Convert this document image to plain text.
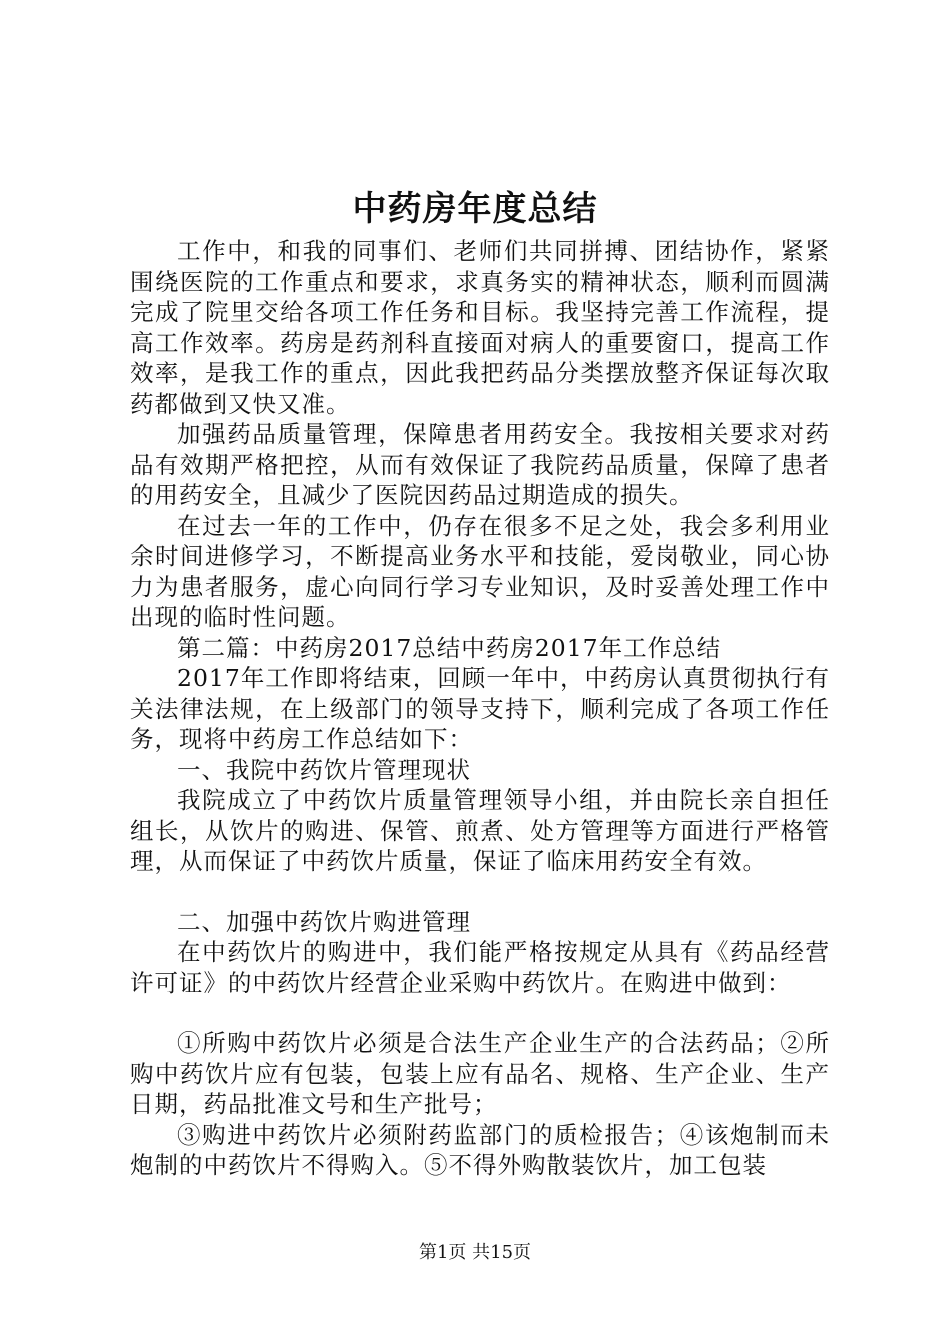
中药房年度总结

工作中，和我的同事们、老师们共同拼搏、团结协作，紧紧围绕医院的工作重点和要求，求真务实的精神状态，顺利而圆满完成了院里交给各项工作任务和目标。我坚持完善工作流程，提高工作效率。药房是药剂科直接面对病人的重要窗口，提高工作效率，是我工作的重点，因此我把药品分类摆放整齐保证每次取药都做到又快又准。

加强药品质量管理，保障患者用药安全。我按相关要求对药品有效期严格把控，从而有效保证了我院药品质量，保障了患者的用药安全，且减少了医院因药品过期造成的损失。

在过去一年的工作中，仍存在很多不足之处，我会多利用业余时间进修学习，不断提高业务水平和技能，爱岗敬业，同心协力为患者服务，虚心向同行学习专业知识，及时妥善处理工作中出现的临时性问题。

第二篇：中药房2017总结中药房2017年工作总结

2017年工作即将结束，回顾一年中，中药房认真贯彻执行有关法律法规，在上级部门的领导支持下，顺利完成了各项工作任务，现将中药房工作总结如下：

一、我院中药饮片管理现状

我院成立了中药饮片质量管理领导小组，并由院长亲自担任组长，从饮片的购进、保管、煎煮、处方管理等方面进行严格管理，从而保证了中药饮片质量，保证了临床用药安全有效。

二、加强中药饮片购进管理

在中药饮片的购进中，我们能严格按规定从具有《药品经营许可证》的中药饮片经营企业采购中药饮片。在购进中做到：

①所购中药饮片必须是合法生产企业生产的合法药品；②所购中药饮片应有包装，包装上应有品名、规格、生产企业、生产日期，药品批准文号和生产批号；

③购进中药饮片必须附药监部门的质检报告；④该炮制而未炮制的中药饮片不得购入。⑤不得外购散装饮片，加工包装

第1页 共15页
